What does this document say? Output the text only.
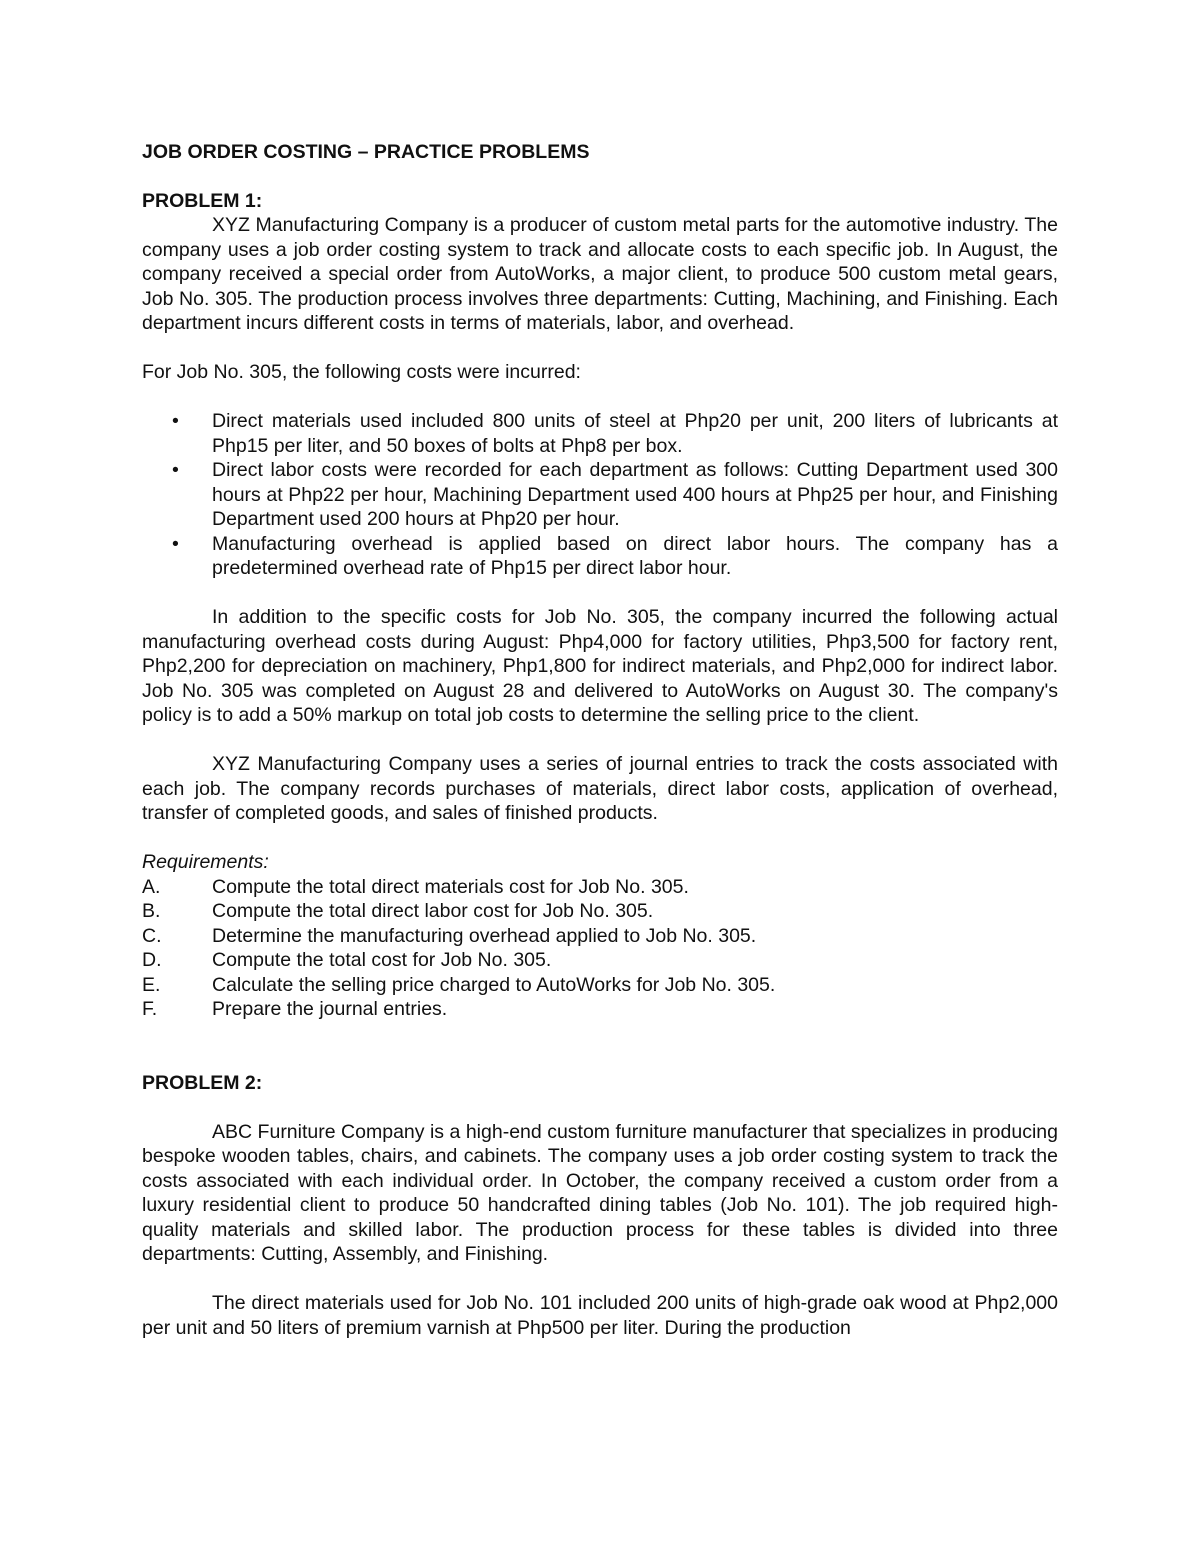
JOB ORDER COSTING – PRACTICE PROBLEMS
PROBLEM 1:

XYZ Manufacturing Company is a producer of custom metal parts for the automotive industry. The company uses a job order costing system to track and allocate costs to each specific job. In August, the company received a special order from AutoWorks, a major client, to produce 500 custom metal gears, Job No. 305. The production process involves three departments: Cutting, Machining, and Finishing. Each department incurs different costs in terms of materials, labor, and overhead.

For Job No. 305, the following costs were incurred:

• Direct materials used included 800 units of steel at Php20 per unit, 200 liters of lubricants at Php15 per liter, and 50 boxes of bolts at Php8 per box.
• Direct labor costs were recorded for each department as follows: Cutting Department used 300 hours at Php22 per hour, Machining Department used 400 hours at Php25 per hour, and Finishing Department used 200 hours at Php20 per hour.
• Manufacturing overhead is applied based on direct labor hours. The company has a predetermined overhead rate of Php15 per direct labor hour.

In addition to the specific costs for Job No. 305, the company incurred the following actual manufacturing overhead costs during August: Php4,000 for factory utilities, Php3,500 for factory rent, Php2,200 for depreciation on machinery, Php1,800 for indirect materials, and Php2,000 for indirect labor. Job No. 305 was completed on August 28 and delivered to AutoWorks on August 30. The company's policy is to add a 50% markup on total job costs to determine the selling price to the client.

XYZ Manufacturing Company uses a series of journal entries to track the costs associated with each job. The company records purchases of materials, direct labor costs, application of overhead, transfer of completed goods, and sales of finished products.

Requirements:
A.	Compute the total direct materials cost for Job No. 305.
B.	Compute the total direct labor cost for Job No. 305.
C.	Determine the manufacturing overhead applied to Job No. 305.
D.	Compute the total cost for Job No. 305.
E.	Calculate the selling price charged to AutoWorks for Job No. 305.
F.	Prepare the journal entries.
PROBLEM 2:

ABC Furniture Company is a high-end custom furniture manufacturer that specializes in producing bespoke wooden tables, chairs, and cabinets. The company uses a job order costing system to track the costs associated with each individual order. In October, the company received a custom order from a luxury residential client to produce 50 handcrafted dining tables (Job No. 101). The job required high-quality materials and skilled labor. The production process for these tables is divided into three departments: Cutting, Assembly, and Finishing.

The direct materials used for Job No. 101 included 200 units of high-grade oak wood at Php2,000 per unit and 50 liters of premium varnish at Php500 per liter. During the production
